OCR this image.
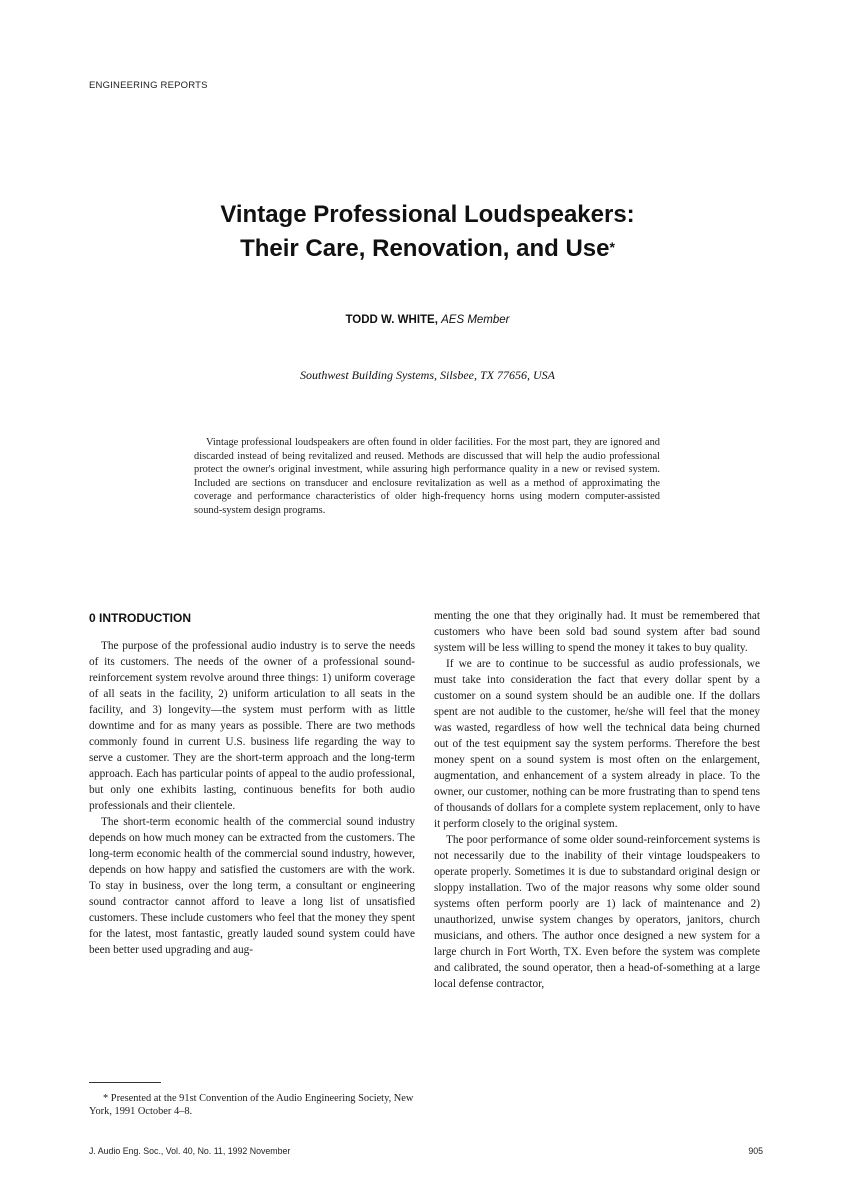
ENGINEERING REPORTS
Vintage Professional Loudspeakers:
Their Care, Renovation, and Use*
TODD W. WHITE, AES Member
Southwest Building Systems, Silsbee, TX 77656, USA

Vintage professional loudspeakers are often found in older facilities. For the most part, they are ignored and discarded instead of being revitalized and reused. Methods are discussed that will help the audio professional protect the owner's original investment, while assuring high performance quality in a new or revised system. Included are sections on transducer and enclosure revitalization as well as a method of approximating the coverage and performance characteristics of older high-frequency horns using modern computer-assisted sound-system design programs.

0 INTRODUCTION

The purpose of the professional audio industry is to serve the needs of its customers. The needs of the owner of a professional sound-reinforcement system revolve around three things: 1) uniform coverage of all seats in the facility, 2) uniform articulation to all seats in the facility, and 3) longevity—the system must perform with as little downtime and for as many years as possible. There are two methods commonly found in current U.S. business life regarding the way to serve a customer. They are the short-term approach and the long-term approach. Each has particular points of appeal to the audio professional, but only one exhibits lasting, continuous benefits for both audio professionals and their clientele.

The short-term economic health of the commercial sound industry depends on how much money can be extracted from the customers. The long-term economic health of the commercial sound industry, however, depends on how happy and satisfied the customers are with the work. To stay in business, over the long term, a consultant or engineering sound contractor cannot afford to leave a long list of unsatisfied customers. These include customers who feel that the money they spent for the latest, most fantastic, greatly lauded sound system could have been better used upgrading and aug-

menting the one that they originally had. It must be remembered that customers who have been sold bad sound system after bad sound system will be less willing to spend the money it takes to buy quality.

If we are to continue to be successful as audio professionals, we must take into consideration the fact that every dollar spent by a customer on a sound system should be an audible one. If the dollars spent are not audible to the customer, he/she will feel that the money was wasted, regardless of how well the technical data being churned out of the test equipment say the system performs. Therefore the best money spent on a sound system is most often on the enlargement, augmentation, and enhancement of a system already in place. To the owner, our customer, nothing can be more frustrating than to spend tens of thousands of dollars for a complete system replacement, only to have it perform closely to the original system.

The poor performance of some older sound-reinforcement systems is not necessarily due to the inability of their vintage loudspeakers to operate properly. Sometimes it is due to substandard original design or sloppy installation. Two of the major reasons why some older sound systems often perform poorly are 1) lack of maintenance and 2) unauthorized, unwise system changes by operators, janitors, church musicians, and others. The author once designed a new system for a large church in Fort Worth, TX. Even before the system was complete and calibrated, the sound operator, then a head-of-something at a large local defense contractor,

* Presented at the 91st Convention of the Audio Engineering Society, New York, 1991 October 4–8.

J. Audio Eng. Soc., Vol. 40, No. 11, 1992 November	905
